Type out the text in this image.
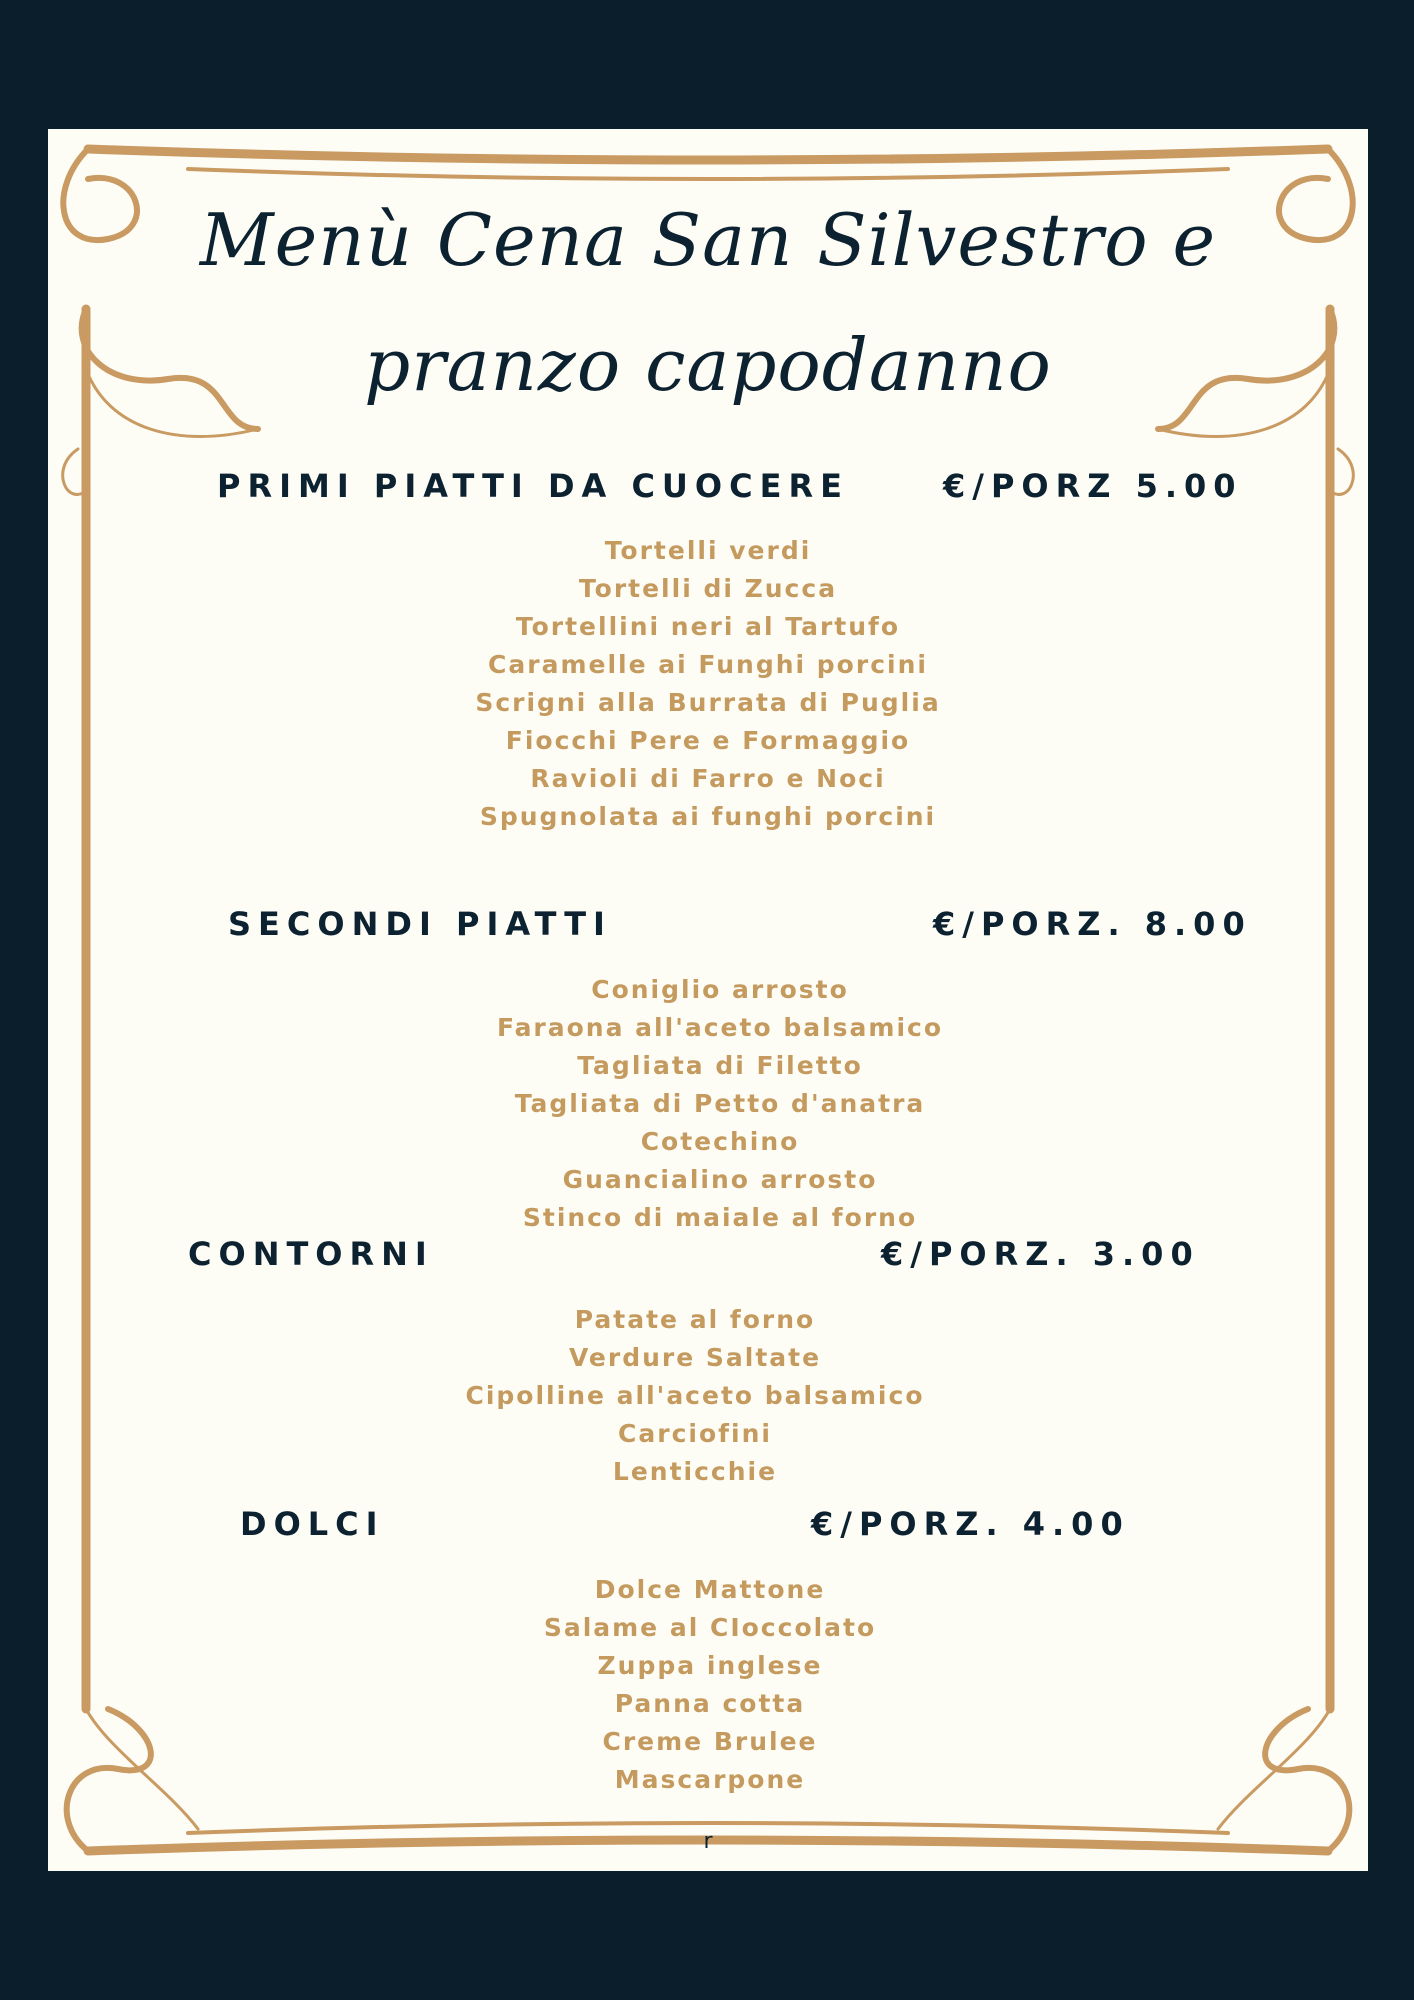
Menù Cena San Silvestro e
pranzo capodanno
PRIMI PIATTI DA CUOCERE	€/PORZ 5.00
Tortelli verdi
Tortelli di Zucca
Tortellini neri al Tartufo
Caramelle ai Funghi porcini
Scrigni alla Burrata di Puglia
Fiocchi Pere e Formaggio
Ravioli di Farro e Noci
Spugnolata ai funghi porcini
SECONDI PIATTI	€/PORZ. 8.00
Coniglio arrosto
Faraona all'aceto balsamico
Tagliata di Filetto
Tagliata di Petto d'anatra
Cotechino
Guancialino arrosto
Stinco di maiale al forno
CONTORNI	€/PORZ. 3.00
Patate al forno
Verdure Saltate
Cipolline all'aceto balsamico
Carciofini
Lenticchie
DOLCI	€/PORZ. 4.00
Dolce Mattone
Salame al CIoccolato
Zuppa inglese
Panna cotta
Creme Brulee
Mascarpone
r
